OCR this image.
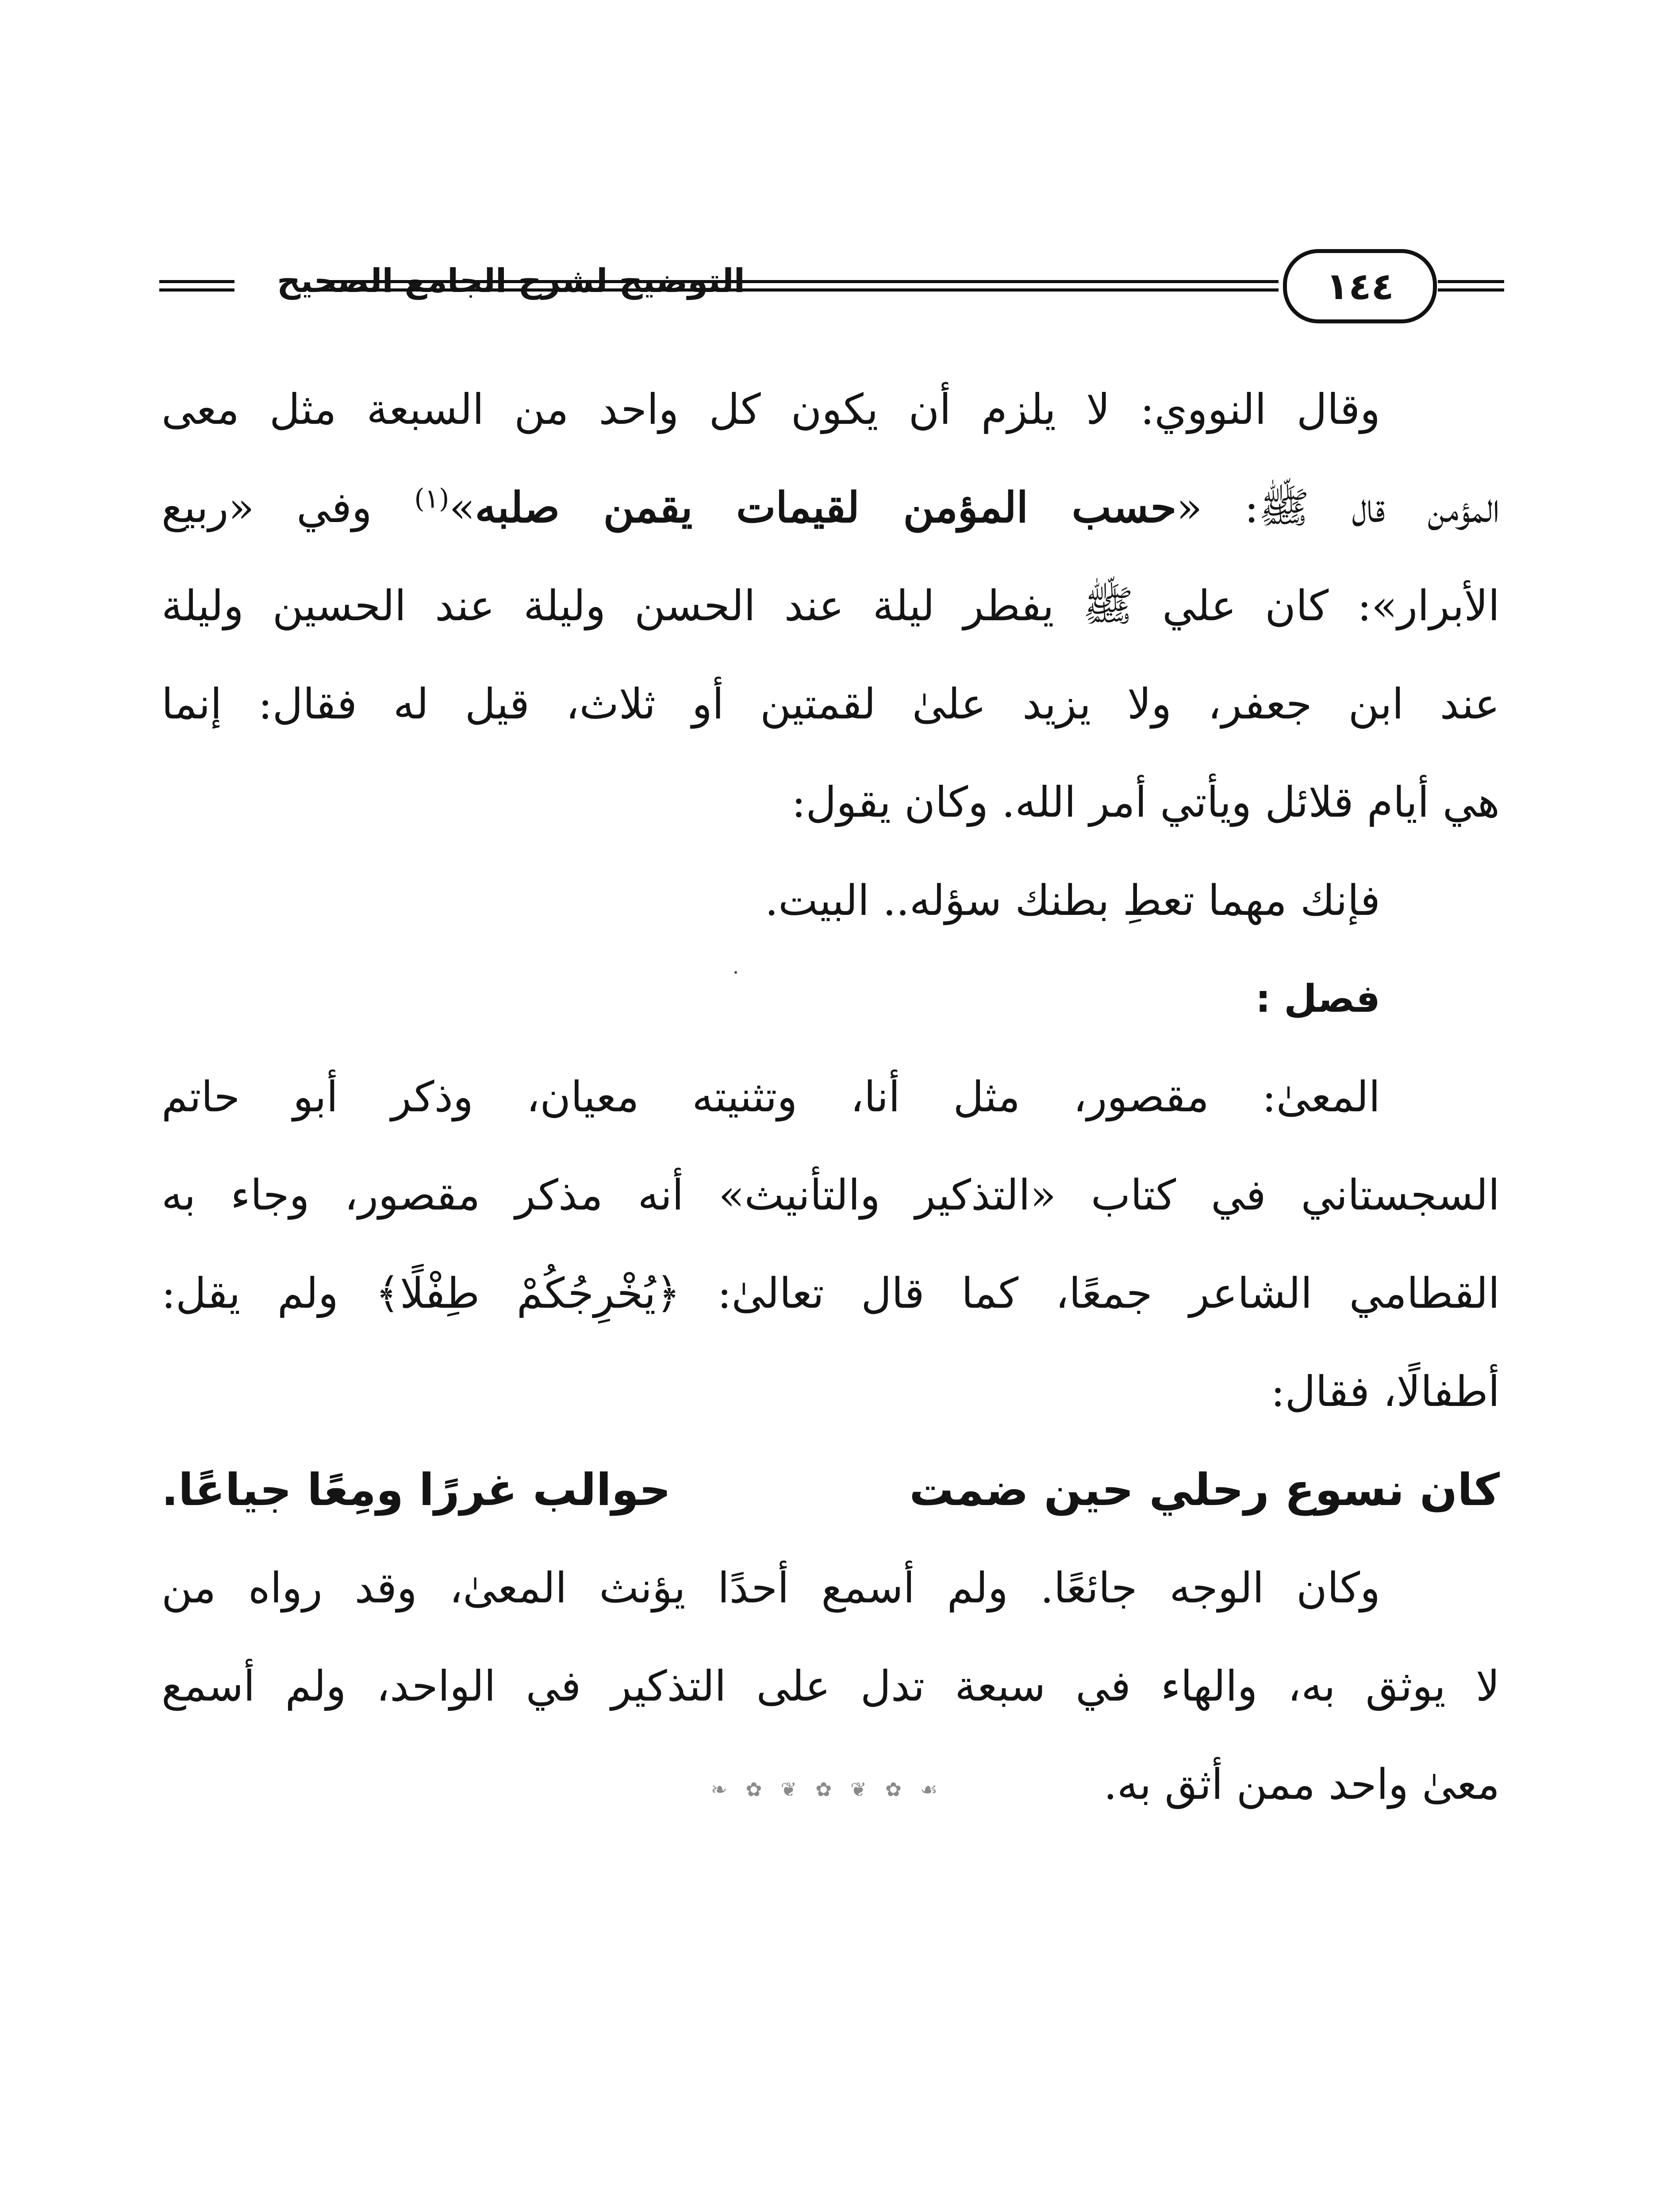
التوضيح لشرح الجامع الصحيح	١٤٤
وقال النووي: لا يلزم أن يكون كل واحد من السبعة مثل معى
المؤمن قال ﷺ: «حسب المؤمن لقيمات يقمن صلبه»$^{(١)}$ وفي «ربيع
الأبرار»: كان علي ﷺ يفطر ليلة عند الحسن وليلة عند الحسين وليلة
عند ابن جعفر، ولا يزيد علىٰ لقمتين أو ثلاث، قيل له فقال: إنما
هي أيام قلائل ويأتي أمر الله. وكان يقول:
فإنك مهما تعطِ بطنك سؤله.. البيت.
فصل :
المعىٰ: مقصور، مثل أنا، وتثنيته معيان، وذكر أبو حاتم
السجستاني في كتاب «التذكير والتأنيث» أنه مذكر مقصور، وجاء به
القطامي الشاعر جمعًا، كما قال تعالىٰ: ﴿يُخْرِجُكُمْ طِفْلًا﴾ ولم يقل:
أطفالًا، فقال:
كان نسوع رحلي حين ضمت
حوالب غررًا ومِعًا جياعًا.
وكان الوجه جائعًا. ولم أسمع أحدًا يؤنث المعىٰ، وقد رواه من
لا يوثق به، والهاء في سبعة تدل على التذكير في الواحد، ولم أسمع
معىٰ واحد ممن أثق به.
❧ ✿ ❦ ✿ ❦ ✿ ☙
